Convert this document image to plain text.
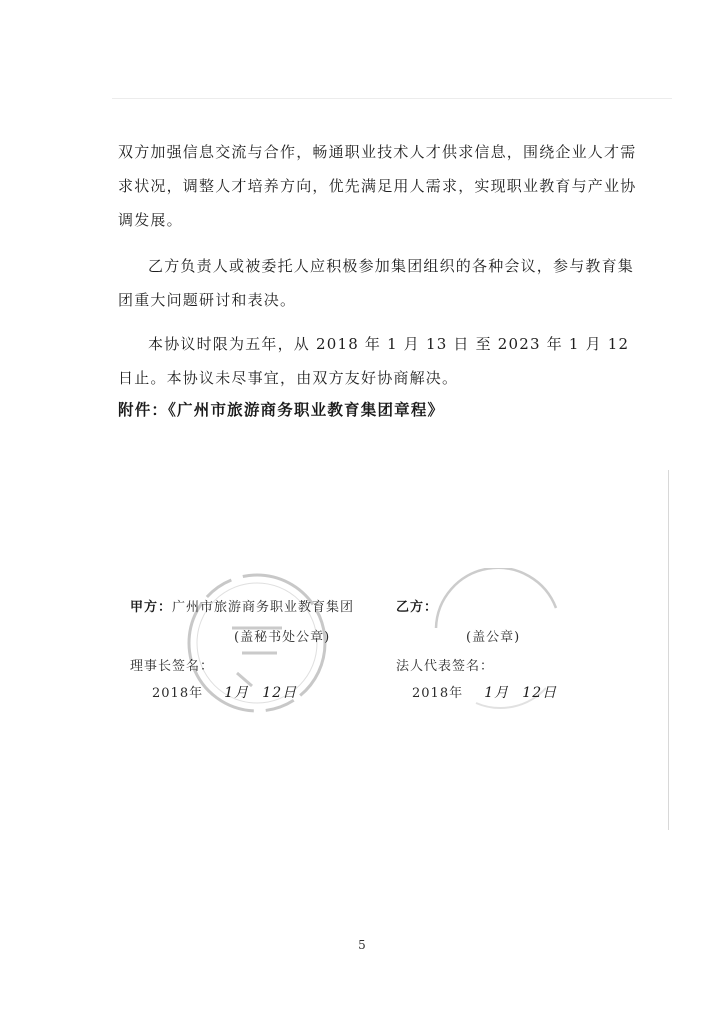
双方加强信息交流与合作，畅通职业技术人才供求信息，围绕企业人才需求状况，调整人才培养方向，优先满足用人需求，实现职业教育与产业协调发展。
乙方负责人或被委托人应积极参加集团组织的各种会议，参与教育集团重大问题研讨和表决。
本协议时限为五年，从 2018 年 1 月 13 日 至 2023 年 1 月 12 日止。本协议未尽事宜，由双方友好协商解决。
附件：《广州市旅游商务职业教育集团章程》
甲方： 广州市旅游商务职业教育集团
(盖秘书处公章)
理事长签名：
2018年 1月 12日
乙方：
(盖公章)
法人代表签名：
2018年 1月 12日
5
